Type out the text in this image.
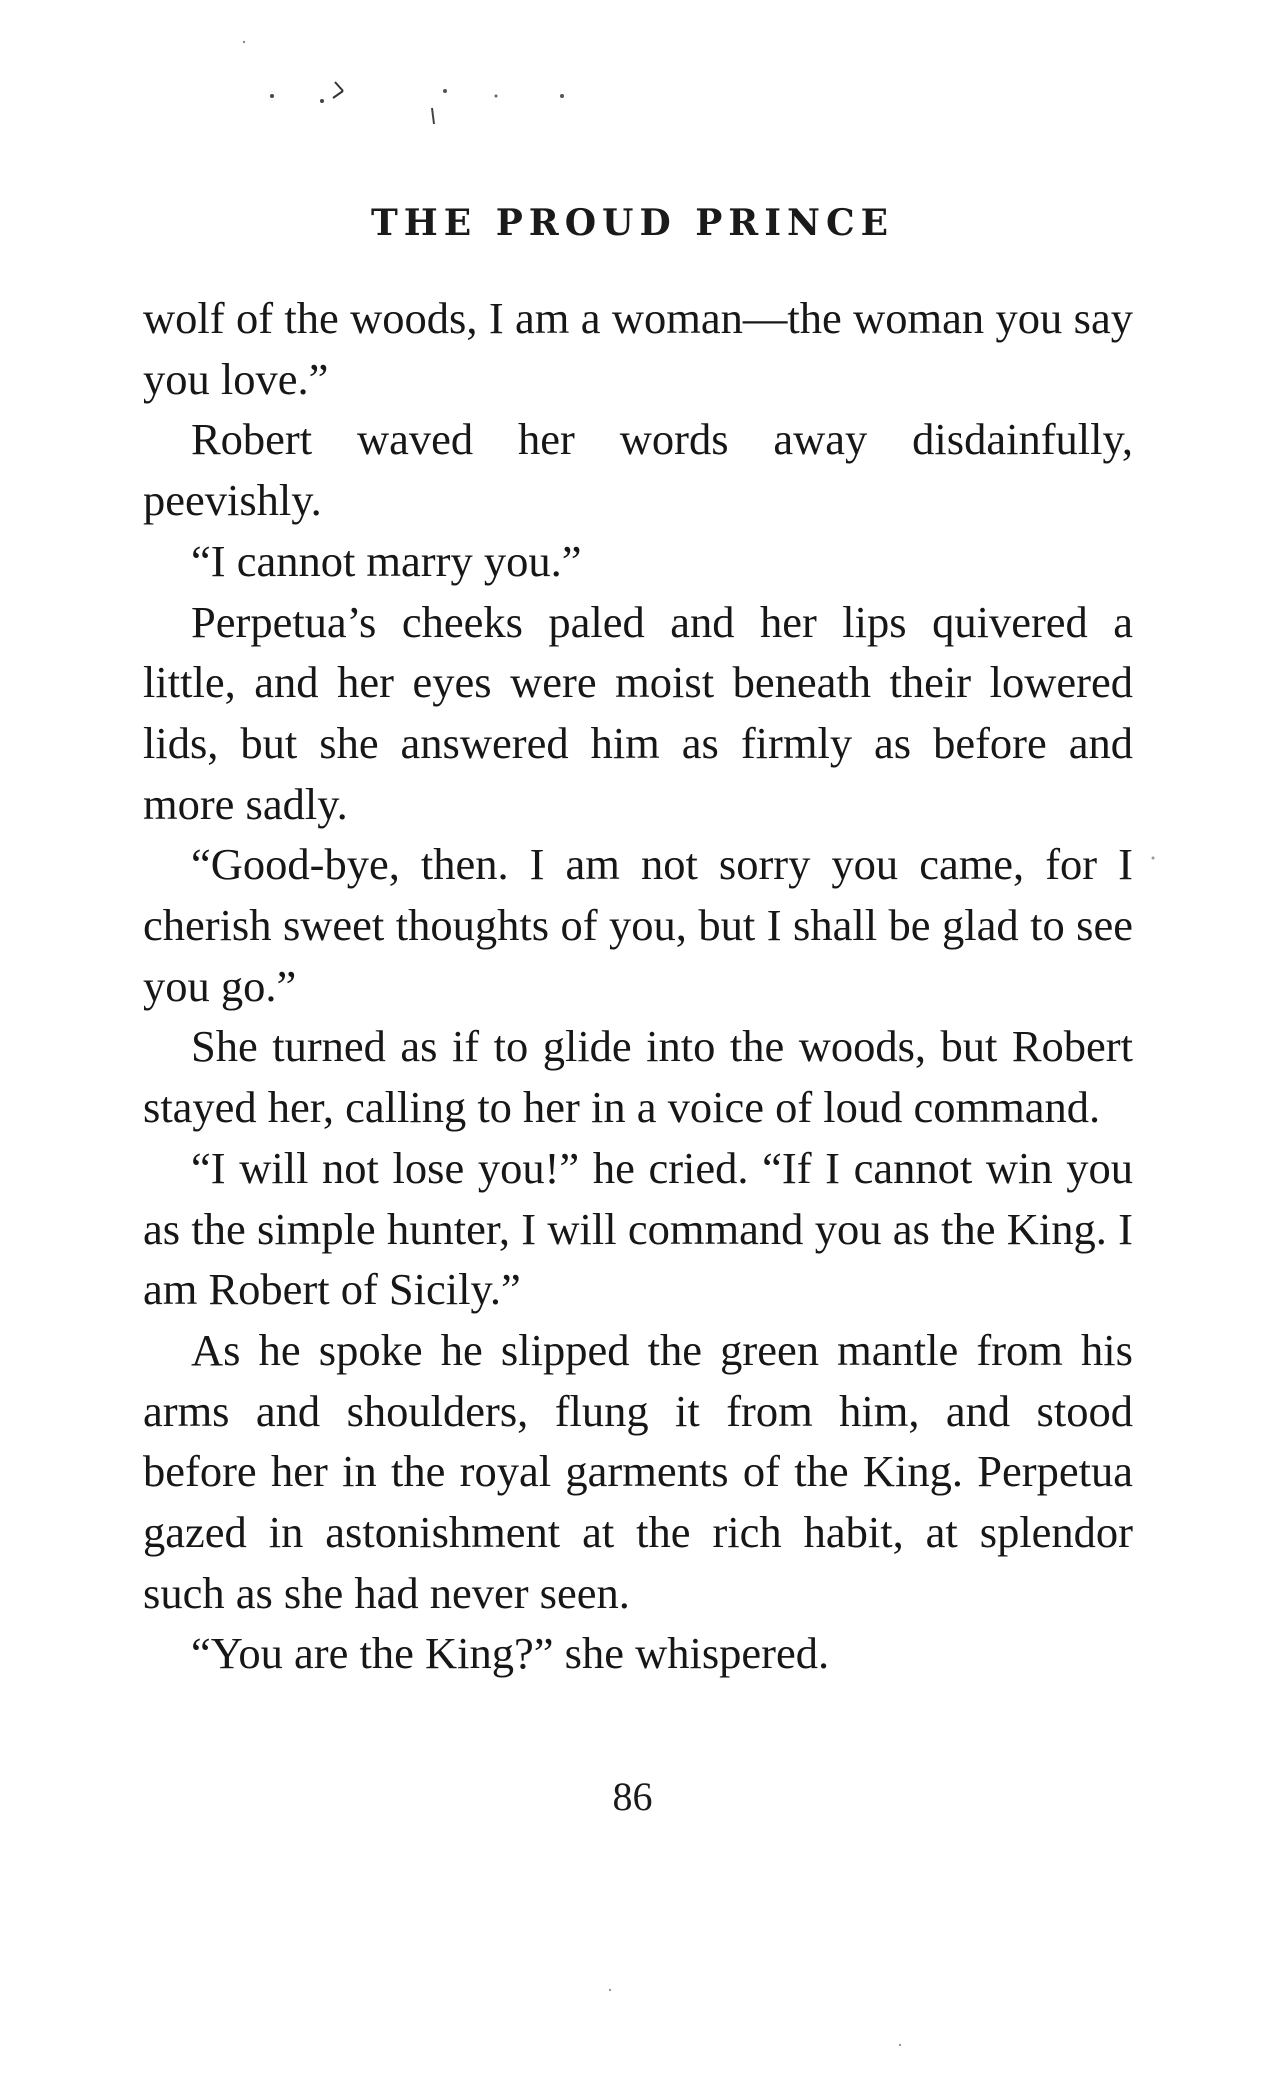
THE PROUD PRINCE

wolf of the woods, I am a woman—the woman you say you love.”

Robert waved her words away disdainfully, peevishly.

“I cannot marry you.”

Perpetua’s cheeks paled and her lips quivered a little, and her eyes were moist beneath their lowered lids, but she answered him as firmly as before and more sadly.

“Good-bye, then. I am not sorry you came, for I cherish sweet thoughts of you, but I shall be glad to see you go.”

She turned as if to glide into the woods, but Robert stayed her, calling to her in a voice of loud command.

“I will not lose you!” he cried. “If I cannot win you as the simple hunter, I will command you as the King. I am Robert of Sicily.”

As he spoke he slipped the green mantle from his arms and shoulders, flung it from him, and stood before her in the royal garments of the King. Perpetua gazed in astonishment at the rich habit, at splendor such as she had never seen.

“You are the King?” she whispered.

86
